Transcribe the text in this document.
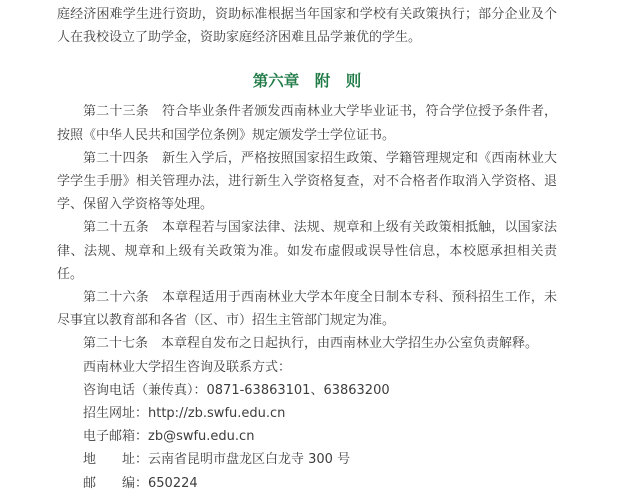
庭经济困难学生进行资助，资助标准根据当年国家和学校有关政策执行；部分企业及个人在我校设立了助学金，资助家庭经济困难且品学兼优的学生。

第六章　附　则

第二十三条　符合毕业条件者颁发西南林业大学毕业证书，符合学位授予条件者，按照《中华人民共和国学位条例》规定颁发学士学位证书。

第二十四条　新生入学后，严格按照国家招生政策、学籍管理规定和《西南林业大学学生手册》相关管理办法，进行新生入学资格复查，对不合格者作取消入学资格、退学、保留入学资格等处理。

第二十五条　本章程若与国家法律、法规、规章和上级有关政策相抵触，以国家法律、法规、规章和上级有关政策为准。如发布虚假或误导性信息，本校愿承担相关责任。

第二十六条　本章程适用于西南林业大学本年度全日制本专科、预科招生工作，未尽事宜以教育部和各省（区、市）招生主管部门规定为准。

第二十七条　本章程自发布之日起执行，由西南林业大学招生办公室负责解释。

西南林业大学招生咨询及联系方式：

咨询电话（兼传真）：0871-63863101、63863200

招生网址：http://zb.swfu.edu.cn

电子邮箱：zb@swfu.edu.cn

地　　址：云南省昆明市盘龙区白龙寺 300 号

邮　　编：650224
